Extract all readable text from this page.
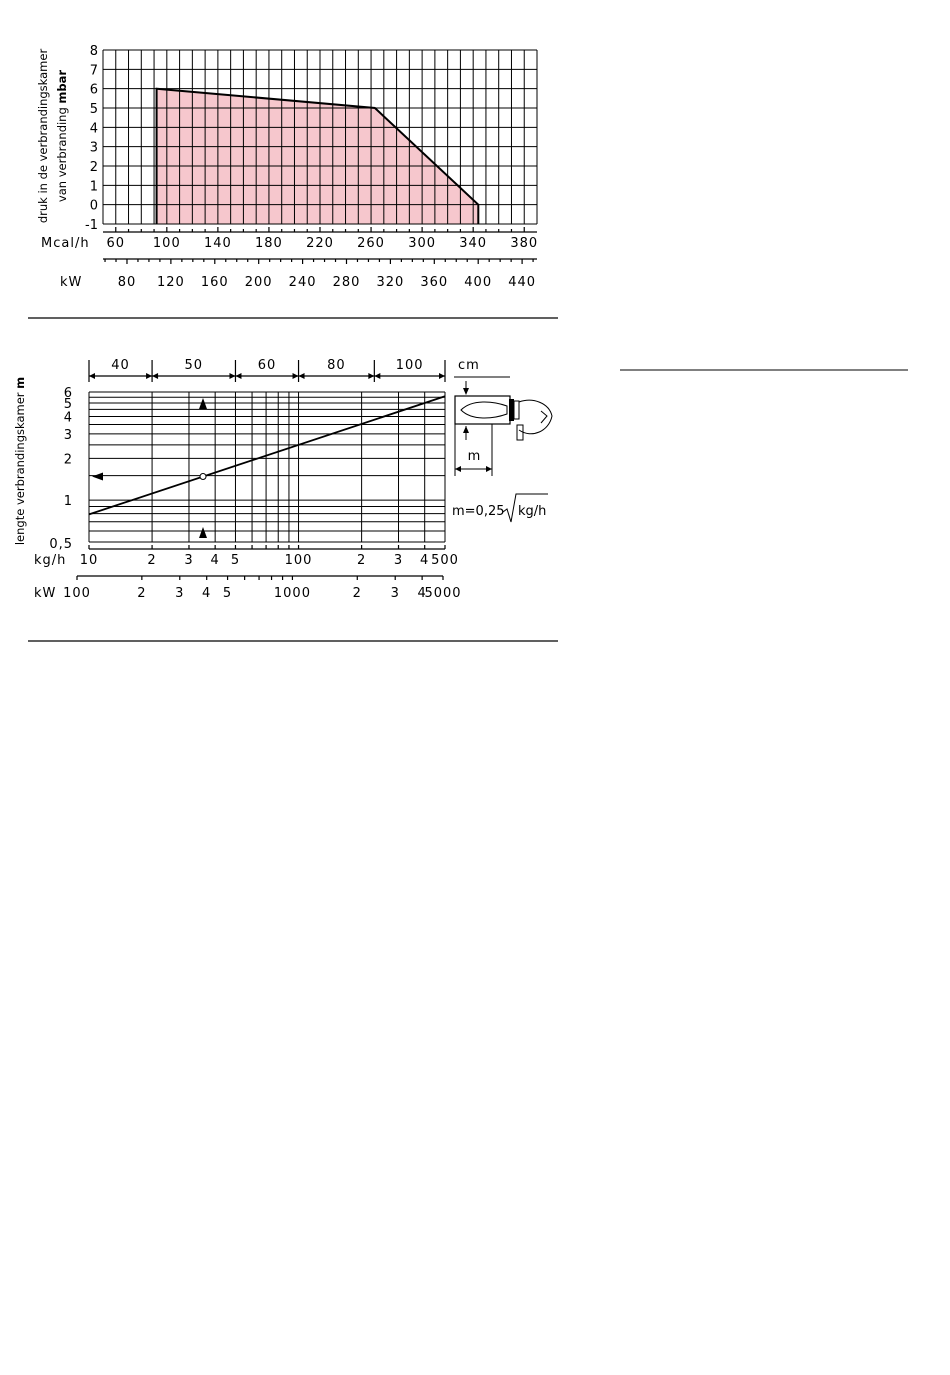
-1
0
1
2
3
4
5
6
7
8
60 100 140 180 220 260 300 340 380
80 120 160 200 240 280 320 360 400 440
druk in de verbrandingskamer van verbranding mbar
Mcal/h
kW
0,5
1
2
3
4
5
6
10	2 3 4 5	100	2 3 4 500
100	2 3 4 5	1000	2 3 4
5000
40	50	60	80	100
lengte verbrandingskamer m
kg/h
kW
cm
m=0,25 kg/h
m
